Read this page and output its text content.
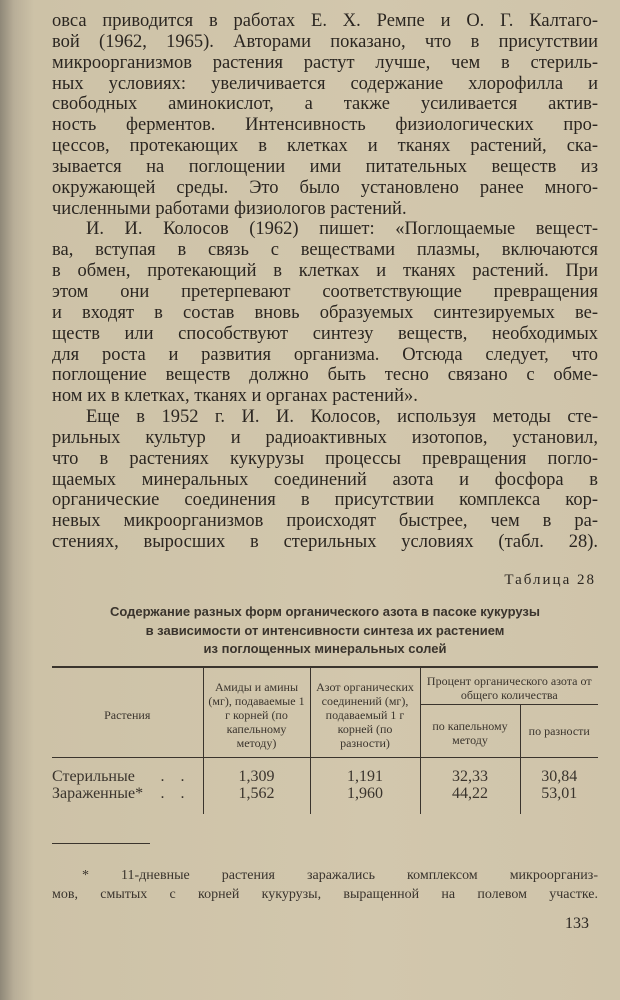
овса приводится в работах Е. Х. Ремпе и О. Г. Калтаго-
вой (1962, 1965). Авторами показано, что в присутствии
микроорганизмов растения растут лучше, чем в стериль-
ных условиях: увеличивается содержание хлорофилла и
свободных аминокислот, а также усиливается актив-
ность ферментов. Интенсивность физиологических про-
цессов, протекающих в клетках и тканях растений, ска-
зывается на поглощении ими питательных веществ из
окружающей среды. Это было установлено ранее много-
численными работами физиологов растений.
И. И. Колосов (1962) пишет: «Поглощаемые вещест-
ва, вступая в связь с веществами плазмы, включаются
в обмен, протекающий в клетках и тканях растений. При
этом они претерпевают соответствующие превращения
и входят в состав вновь образуемых синтезируемых ве-
ществ или способствуют синтезу веществ, необходимых
для роста и развития организма. Отсюда следует, что
поглощение веществ должно быть тесно связано с обме-
ном их в клетках, тканях и органах растений».
Еще в 1952 г. И. И. Колосов, используя методы сте-
рильных культур и радиоактивных изотопов, установил,
что в растениях кукурузы процессы превращения погло-
щаемых минеральных соединений азота и фосфора в
органические соединения в присутствии комплекса кор-
невых микроорганизмов происходят быстрее, чем в ра-
стениях, выросших в стерильных условиях (табл. 28).
Таблица 28
Содержание разных форм органического азота в пасоке кукурузы
в зависимости от интенсивности синтеза их растением
из поглощенных минеральных солей
Растения	Амиды и амины (мг), подаваемые 1 г корней (по капельному методу)	Азот органических соединений (мг), подаваемый 1 г корней (по разности)	Процент органического азота от общего количества	
			по капельному методу	по разности
Стерильные . .	1,309	1,191	32,33	30,84
Зараженные* . .	1,562	1,960	44,22	53,01
* 11-дневные растения заражались комплексом микроорганиз-
мов, смытых с корней кукурузы, выращенной на полевом участке.
133
